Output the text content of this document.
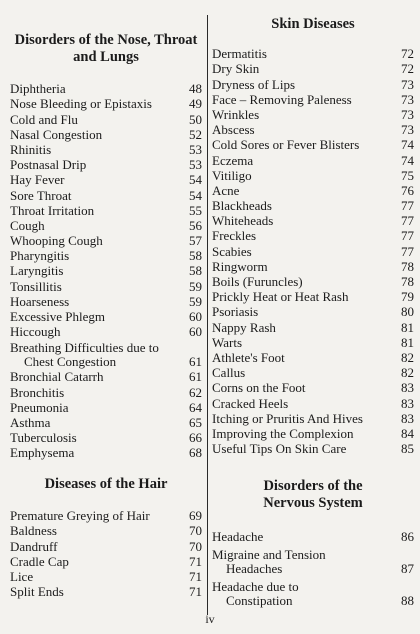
Disorders of the Nose, Throat and Lungs
Diphtheria	48
Nose Bleeding or Epistaxis	49
Cold and Flu	50
Nasal Congestion	52
Rhinitis	53
Postnasal Drip	53
Hay Fever	54
Sore Throat	54
Throat Irritation	55
Cough	56
Whooping Cough	57
Pharyngitis	58
Laryngitis	58
Tonsillitis	59
Hoarseness	59
Excessive Phlegm	60
Hiccough	60
Breathing Difficulties due to
Chest Congestion	61
Bronchial Catarrh	61
Bronchitis	62
Pneumonia	64
Asthma	65
Tuberculosis	66
Emphysema	68
Diseases of the Hair
Premature Greying of Hair	69
Baldness	70
Dandruff	70
Cradle Cap	71
Lice	71
Split Ends	71
Skin Diseases
Dermatitis	72
Dry Skin	72
Dryness of Lips	73
Face – Removing Paleness	73
Wrinkles	73
Abscess	73
Cold Sores or Fever Blisters	74
Eczema	74
Vitiligo	75
Acne	76
Blackheads	77
Whiteheads	77
Freckles	77
Scabies	77
Ringworm	78
Boils (Furuncles)	78
Prickly Heat or Heat Rash	79
Psoriasis	80
Nappy Rash	81
Warts	81
Athlete's Foot	82
Callus	82
Corns on the Foot	83
Cracked Heels	83
Itching or Pruritis And Hives	83
Improving the Complexion	84
Useful Tips On Skin Care	85
Disorders of the Nervous System
Headache	86
Migraine and Tension
Headaches	87
Headache due to
Constipation	88
iv
